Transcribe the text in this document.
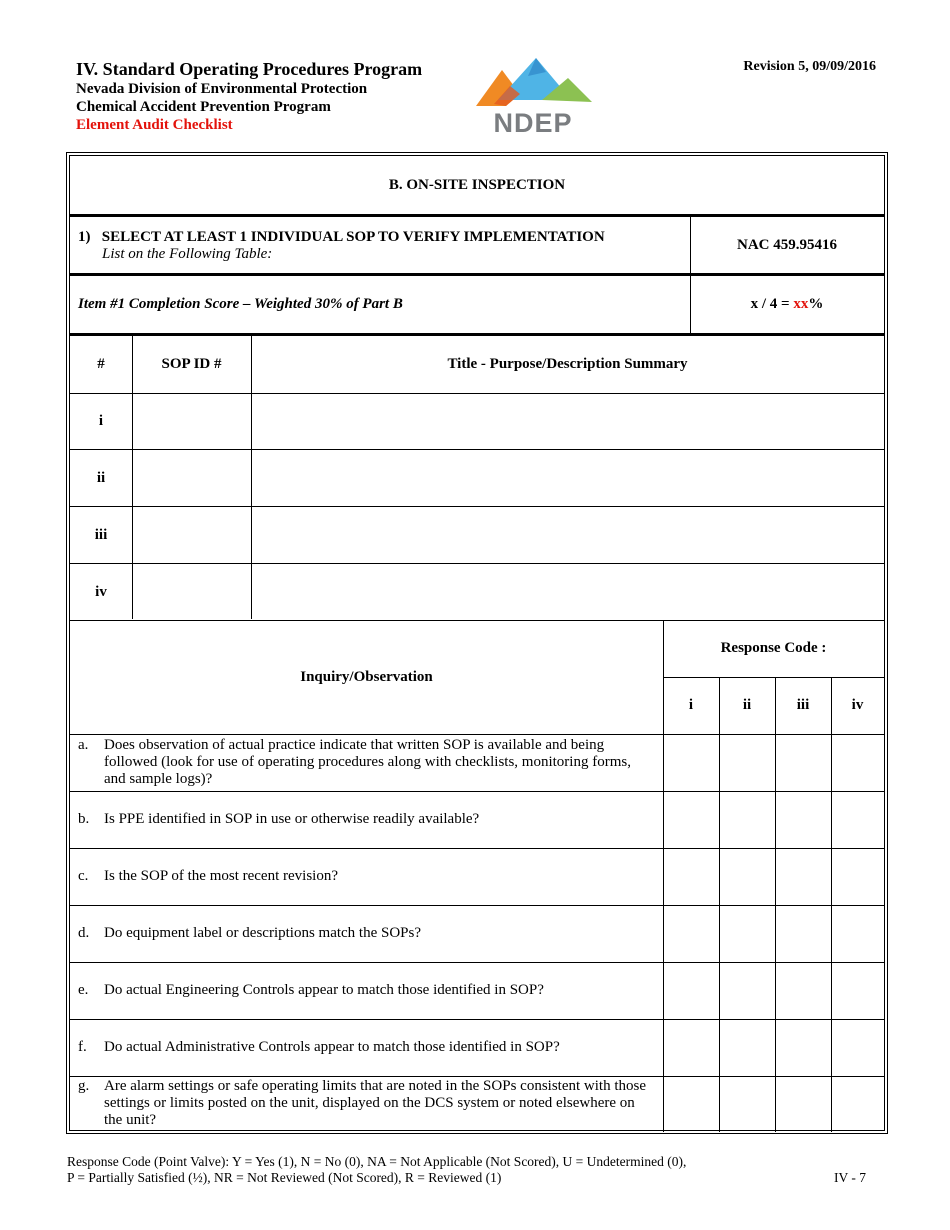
IV. Standard Operating Procedures Program
Nevada Division of Environmental Protection
Chemical Accident Prevention Program
Element Audit Checklist	NDEP
Revision 5, 09/09/2016
B. ON-SITE INSPECTION
1) SELECT AT LEAST 1 INDIVIDUAL SOP TO VERIFY IMPLEMENTATION
List on the Following Table:
NAC 459.95416
Item #1 Completion Score – Weighted 30% of Part B	x / 4 = xx %
#	SOP ID #	Title - Purpose/Description Summary
i
ii
iii
iv
Inquiry/Observation
Response Code :
i	ii	iii	iv
a.	Does observation of actual practice indicate that written SOP is available and being followed (look for use of operating procedures along with checklists, monitoring forms, and sample logs)?
b. Is PPE identified in SOP in use or otherwise readily available?
c.	Is the SOP of the most recent revision?
d. Do equipment label or descriptions match the SOPs?
e.	Do actual Engineering Controls appear to match those identified in SOP?
f.	Do actual Administrative Controls appear to match those identified in SOP?
g. Are alarm settings or safe operating limits that are noted in the SOPs consistent with those settings or limits posted on the unit, displayed on the DCS system or noted elsewhere on the unit?
Response Code (Point Valve): Y = Yes (1), N = No (0), NA = Not Applicable (Not Scored), U = Undetermined (0),
P = Partially Satisfied (½), NR = Not Reviewed (Not Scored), R = Reviewed (1)	IV - 7
